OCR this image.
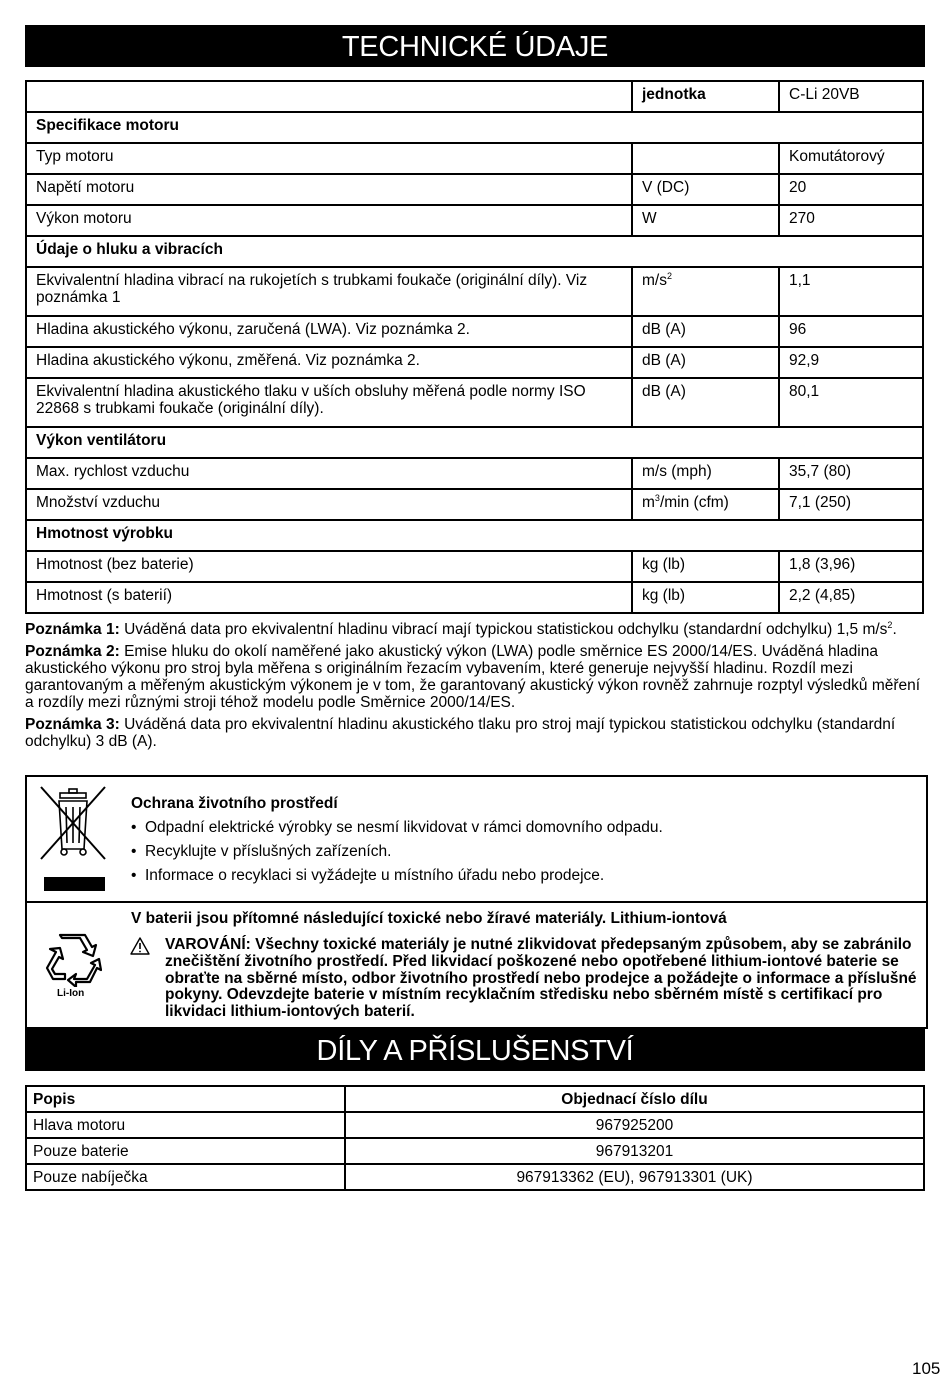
TECHNICKÉ ÚDAJE
	jednotka	C-Li 20VB
Specifikace motoru		
Typ motoru		Komutátorový
Napětí motoru	V (DC)	20
Výkon motoru	W	270
Údaje o hluku a vibracích		
Ekvivalentní hladina vibrací na rukojetích s trubkami foukače (originální díly). Viz poznámka 1	$m/s^2$	1,1
Hladina akustického výkonu, zaručená (LWA). Viz poznámka 2.	dB (A)	96
Hladina akustického výkonu, změřená. Viz poznámka 2.	dB (A)	92,9
Ekvivalentní hladina akustického tlaku v uších obsluhy měřená podle normy ISO 22868 s trubkami foukače (originální díly).	dB (A)	80,1
Výkon ventilátoru		
Max. rychlost vzduchu	m/s (mph)	35,7 (80)
Množství vzduchu	$m^3/\min$ (cfm)	7,1 (250)
Hmotnost výrobku		
Hmotnost (bez baterie)	kg (lb)	1,8 (3,96)
Hmotnost (s baterií)	kg (lb)	2,2 (4,85)

Poznámka 1: Uváděná data pro ekvivalentní hladinu vibrací mají typickou statistickou odchylku (standardní odchylku) 1,5 $m/s^2$.

Poznámka 2: Emise hluku do okolí naměřené jako akustický výkon (LWA) podle směrnice ES 2000/14/ES. Uváděná hladina akustického výkonu pro stroj byla měřena s originálním řezacím vybavením, které generuje nejvyšší hladinu. Rozdíl mezi garantovaným a měřeným akustickým výkonem je v tom, že garantovaný akustický výkon rovněž zahrnuje rozptyl výsledků měření a rozdíly mezi různými stroji téhož modelu podle Směrnice 2000/14/ES.

Poznámka 3: Uváděná data pro ekvivalentní hladinu akustického tlaku pro stroj mají typickou statistickou odchylku (standardní odchylku) 3 dB (A).

Ochrana životního prostředí
• Odpadní elektrické výrobky se nesmí likvidovat v rámci domovního odpadu.
• Recyklujte v příslušných zařízeních.
• Informace o recyklaci si vyžádejte u místního úřadu nebo prodejce.
Li-Ion
V baterii jsou přítomné následující toxické nebo žíravé materiály. Lithium-iontová
VAROVÁNÍ: Všechny toxické materiály je nutné zlikvidovat předepsaným způsobem, aby se zabránilo znečištění životního prostředí. Před likvidací poškozené nebo opotřebené lithium-iontové baterie se obraťte na sběrné místo, odbor životního prostředí nebo prodejce a požádejte o informace a příslušné pokyny. Odevzdejte baterie v místním recyklačním středisku nebo sběrném místě s certifikací pro likvidaci lithium-iontových baterií.
DÍLY A PŘÍSLUŠENSTVÍ
Popis	Objednací číslo dílu
Hlava motoru	967925200
Pouze baterie	967913201
Pouze nabíječka	967913362 (EU), 967913301 (UK)
105
